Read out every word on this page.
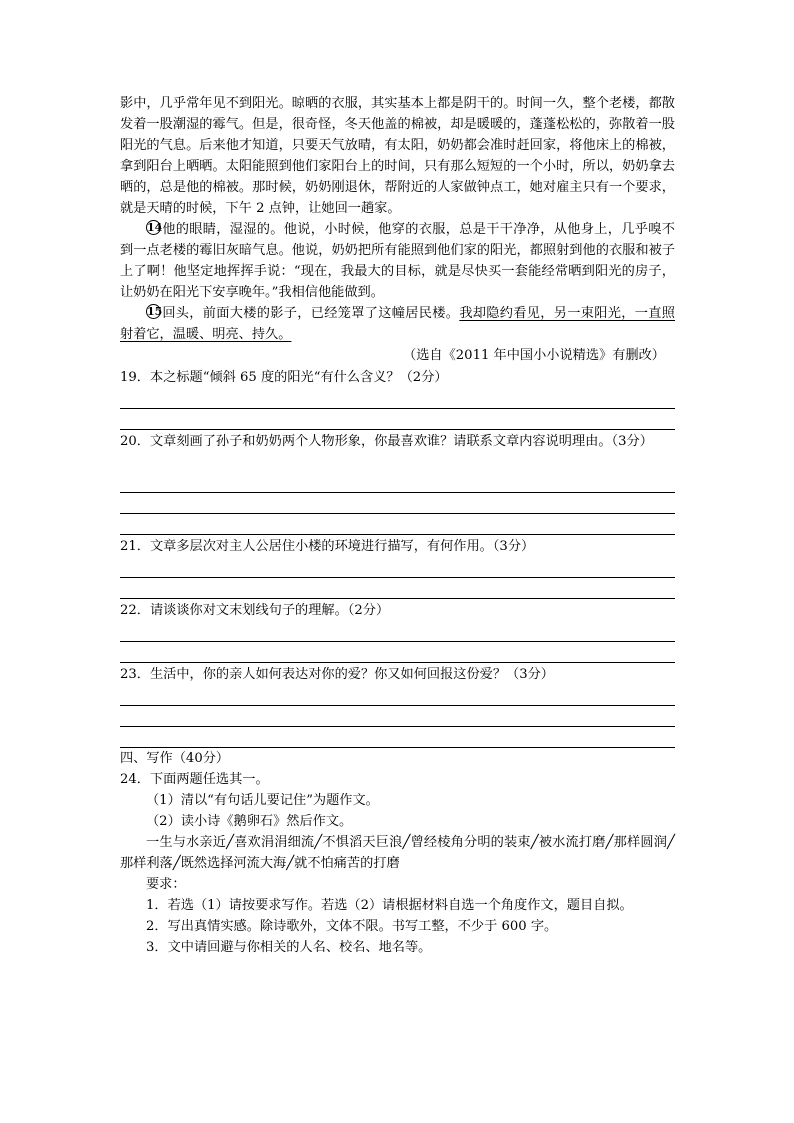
影中，几乎常年见不到阳光。晾晒的衣服，其实基本上都是阴干的。时间一久，整个老楼，都散发着一股潮湿的霉气。但是，很奇怪，冬天他盖的棉被，却是暖暖的，蓬蓬松松的，弥散着一股阳光的气息。后来他才知道，只要天气放晴，有太阳，奶奶都会准时赶回家，将他床上的棉被，拿到阳台上晒晒。太阳能照到他们家阳台上的时间，只有那么短短的一个小时，所以，奶奶拿去晒的，总是他的棉被。那时候，奶奶刚退休，帮附近的人家做钟点工，她对雇主只有一个要求，就是天晴的时候，下午 2 点钟，让她回一趟家。

14他的眼睛，湿湿的。他说，小时候，他穿的衣服，总是干干净净，从他身上，几乎嗅不到一点老楼的霉旧灰暗气息。他说，奶奶把所有能照到他们家的阳光，都照射到他的衣服和被子上了啊！他坚定地挥挥手说：“现在，我最大的目标，就是尽快买一套能经常晒到阳光的房子，让奶奶在阳光下安享晚年。”我相信他能做到。

15回头，前面大楼的影子，已经笼罩了这幢居民楼。我却隐约看见，另一束阳光，一直照射着它，温暖、明亮、持久。

（选自《2011 年中国小小说精选》有删改）

19．本之标题“倾斜 65 度的阳光“有什么含义？（2分）

20．文章刻画了孙子和奶奶两个人物形象，你最喜欢谁？请联系文章内容说明理由。（3分）

21．文章多层次对主人公居住小楼的环境进行描写，有何作用。（3分）

22．请谈谈你对文末划线句子的理解。（2分）

23．生活中，你的亲人如何表达对你的爱？你又如何回报这份爱？（3分）

四、写作（40分）

24．下面两题任选其一。

（1）清以“有句话儿要记住”为题作文。

（2）读小诗《鹅卵石》然后作文。

一生与水亲近╱喜欢涓涓细流╱不惧滔天巨浪╱曾经棱角分明的装束╱被水流打磨╱那样圆润╱那样利落╱既然选择河流大海╱就不怕痛苦的打磨

要求：

1．若选（1）请按要求写作。若选（2）请根据材料自选一个角度作文，题目自拟。

2．写出真情实感。除诗歌外，文体不限。书写工整，不少于 600 字。

3．文中请回避与你相关的人名、校名、地名等。
